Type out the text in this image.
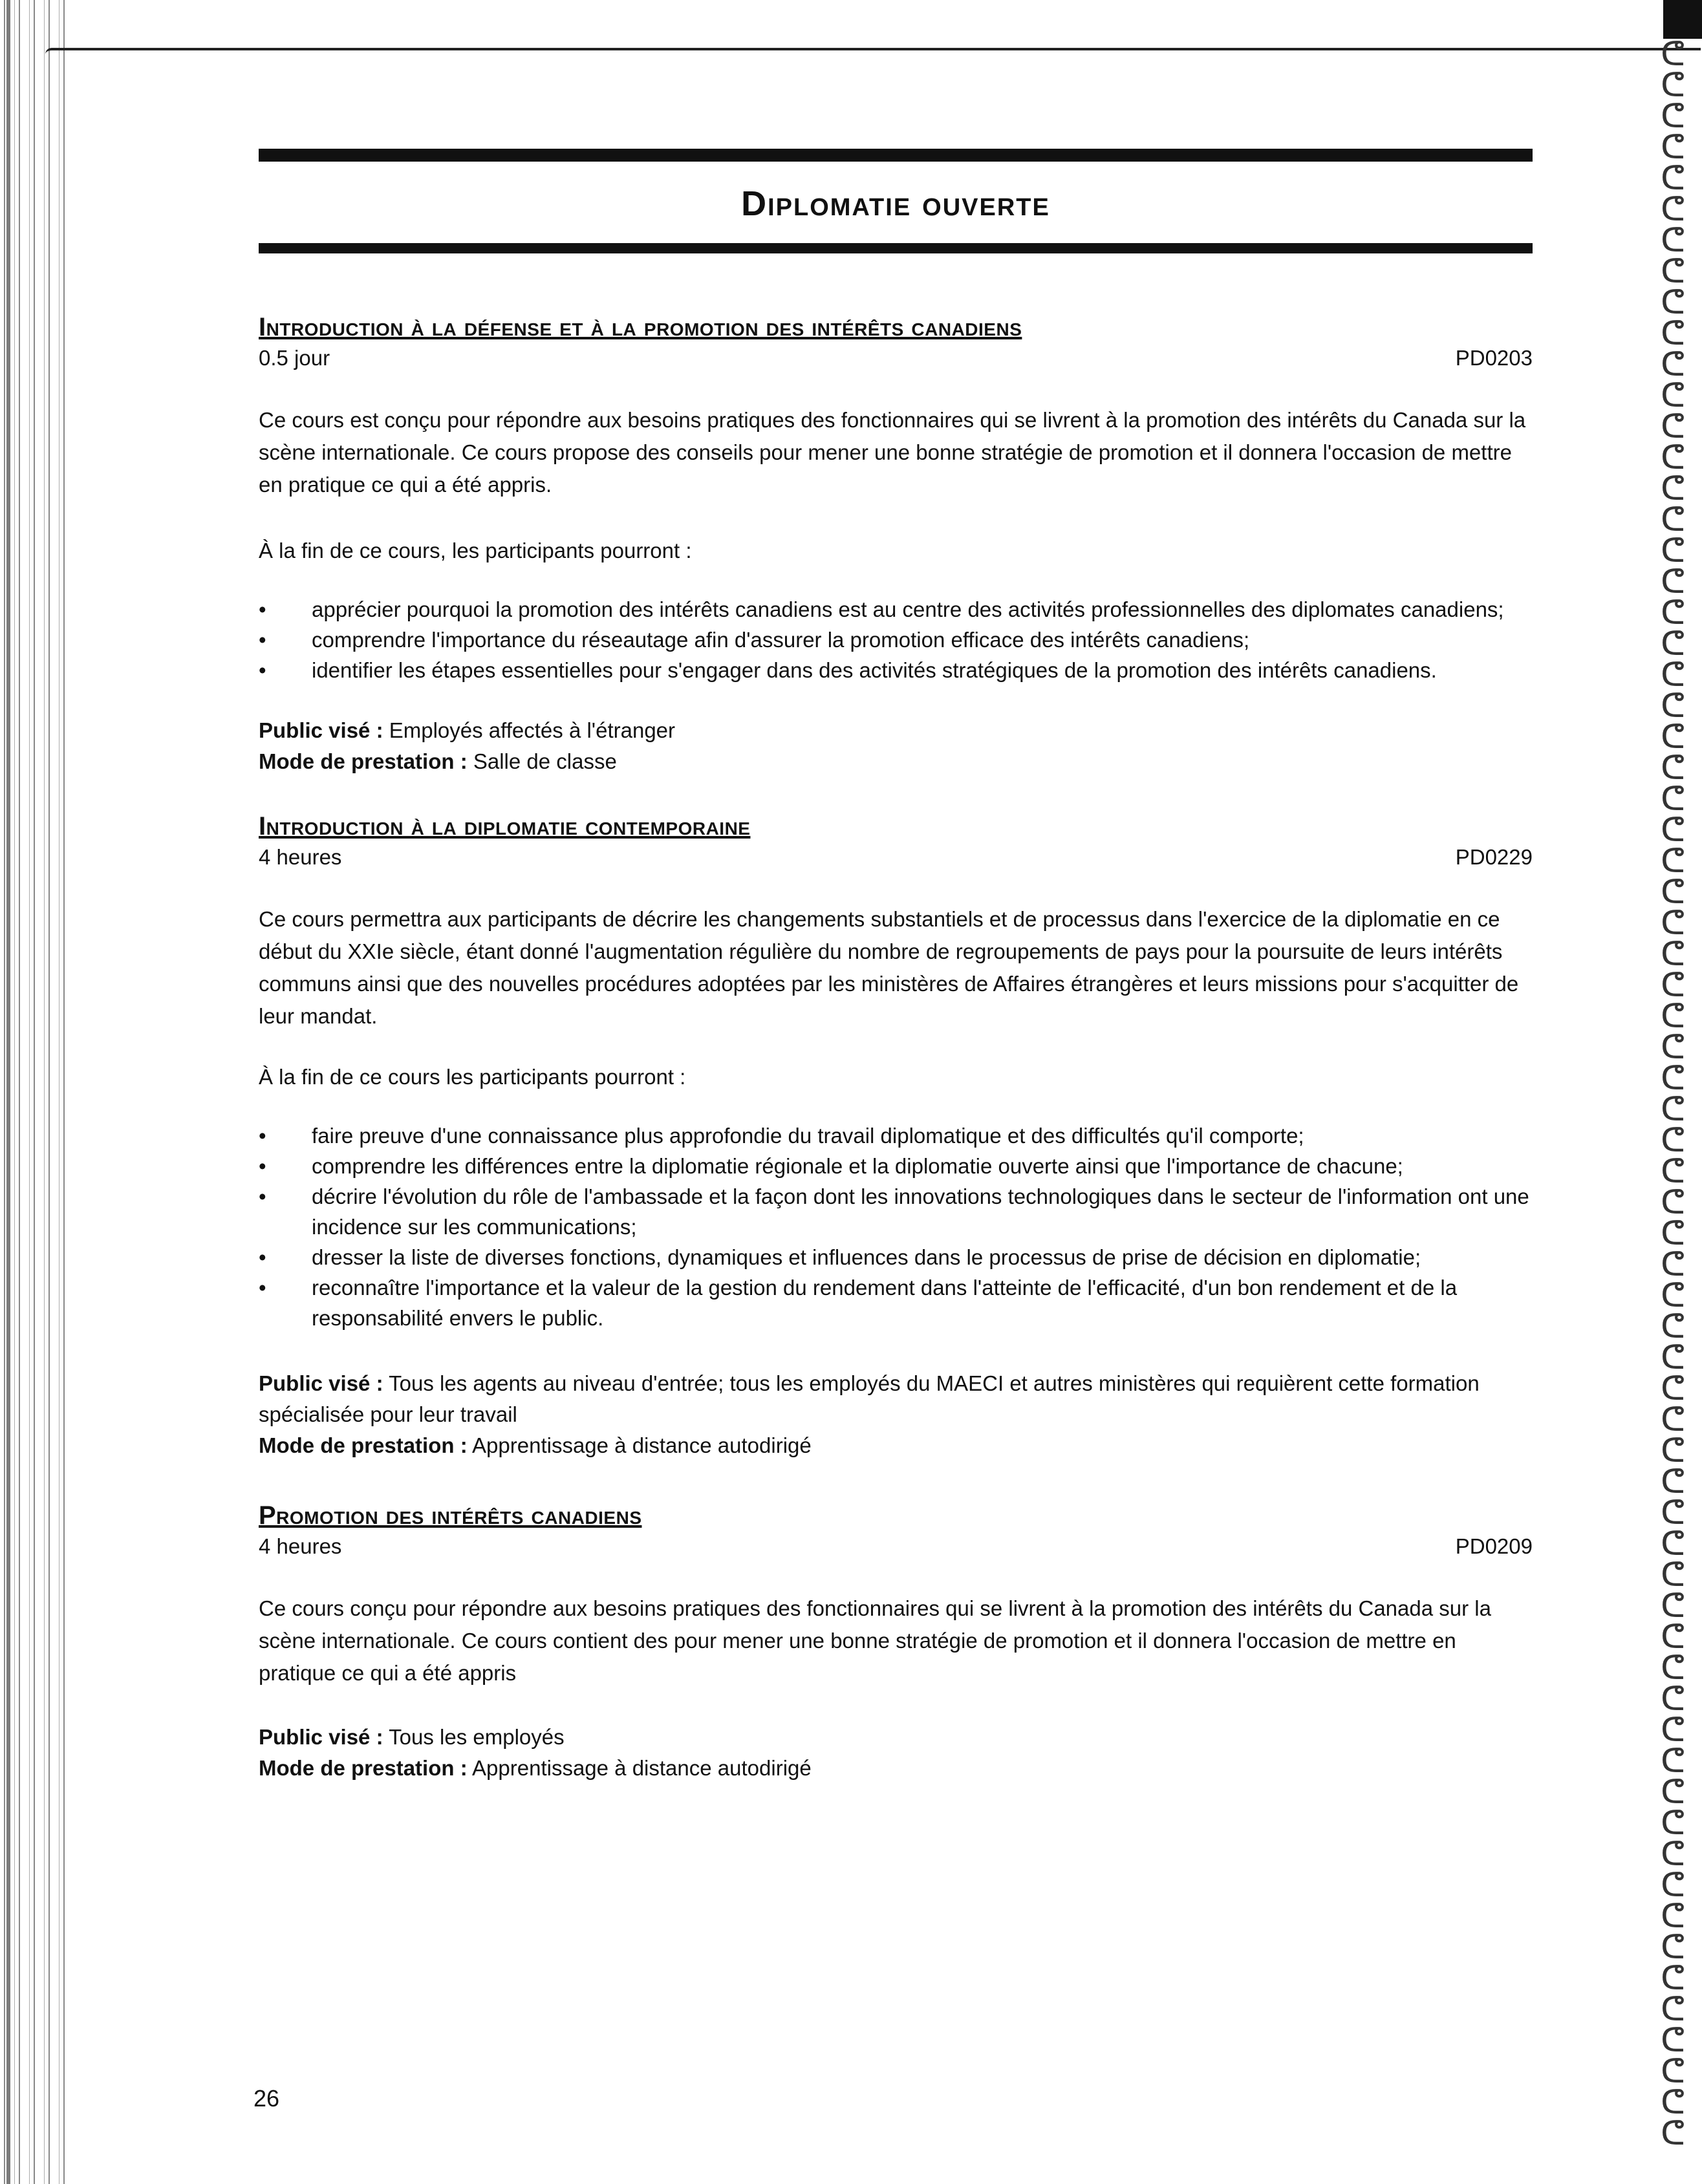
ᕦ
ᕦ
ᕦ
ᕦ
ᕦ
ᕦ
ᕦ
ᕦ
ᕦ
ᕦ
ᕦ
ᕦ
ᕦ
ᕦ
ᕦ
ᕦ
ᕦ
ᕦ
ᕦ
ᕦ
ᕦ
ᕦ
ᕦ
ᕦ
ᕦ
ᕦ
ᕦ
ᕦ
ᕦ
ᕦ
ᕦ
ᕦ
ᕦ
ᕦ
ᕦ
ᕦ
ᕦ
ᕦ
ᕦ
ᕦ
ᕦ
ᕦ
ᕦ
ᕦ
ᕦ
ᕦ
ᕦ
ᕦ
ᕦ
ᕦ
ᕦ
ᕦ
ᕦ
ᕦ
ᕦ
ᕦ
ᕦ
ᕦ
ᕦ
ᕦ
ᕦ
ᕦ
ᕦ
ᕦ
ᕦ
ᕦ
ᕦ
ᕦ
Diplomatie ouverte
Introduction à la défense et à la promotion des intérêts canadiens
0.5 jour	PD0203
Ce cours est conçu pour répondre aux besoins pratiques des fonctionnaires qui se livrent à la promotion des intérêts du Canada sur la scène internationale. Ce cours propose des conseils pour mener une bonne stratégie de promotion et il donnera l'occasion de mettre en pratique ce qui a été appris.
À la fin de ce cours, les participants pourront :
• apprécier pourquoi la promotion des intérêts canadiens est au centre des activités professionnelles des diplomates canadiens;
• comprendre l'importance du réseautage afin d'assurer la promotion efficace des intérêts canadiens;
• identifier les étapes essentielles pour s'engager dans des activités stratégiques de la promotion des intérêts canadiens.
Public visé : Employés affectés à l'étranger
Mode de prestation : Salle de classe
Introduction à la diplomatie contemporaine
4 heures	PD0229
Ce cours permettra aux participants de décrire les changements substantiels et de processus dans l'exercice de la diplomatie en ce début du XXIe siècle, étant donné l'augmentation régulière du nombre de regroupements de pays pour la poursuite de leurs intérêts communs ainsi que des nouvelles procédures adoptées par les ministères de Affaires étrangères et leurs missions pour s'acquitter de leur mandat.
À la fin de ce cours les participants pourront :
• faire preuve d'une connaissance plus approfondie du travail diplomatique et des difficultés qu'il comporte;
• comprendre les différences entre la diplomatie régionale et la diplomatie ouverte ainsi que l'importance de chacune;
• décrire l'évolution du rôle de l'ambassade et la façon dont les innovations technologiques dans le secteur de l'information ont une incidence sur les communications;
• dresser la liste de diverses fonctions, dynamiques et influences dans le processus de prise de décision en diplomatie;
• reconnaître l'importance et la valeur de la gestion du rendement dans l'atteinte de l'efficacité, d'un bon rendement et de la responsabilité envers le public.
Public visé : Tous les agents au niveau d'entrée; tous les employés du MAECI et autres ministères qui requièrent cette formation spécialisée pour leur travail
Mode de prestation : Apprentissage à distance autodirigé
Promotion des intérêts canadiens
4 heures	PD0209
Ce cours conçu pour répondre aux besoins pratiques des fonctionnaires qui se livrent à la promotion des intérêts du Canada sur la scène internationale. Ce cours contient des pour mener une bonne stratégie de promotion et il donnera l'occasion de mettre en pratique ce qui a été appris
Public visé : Tous les employés
Mode de prestation : Apprentissage à distance autodirigé
26
